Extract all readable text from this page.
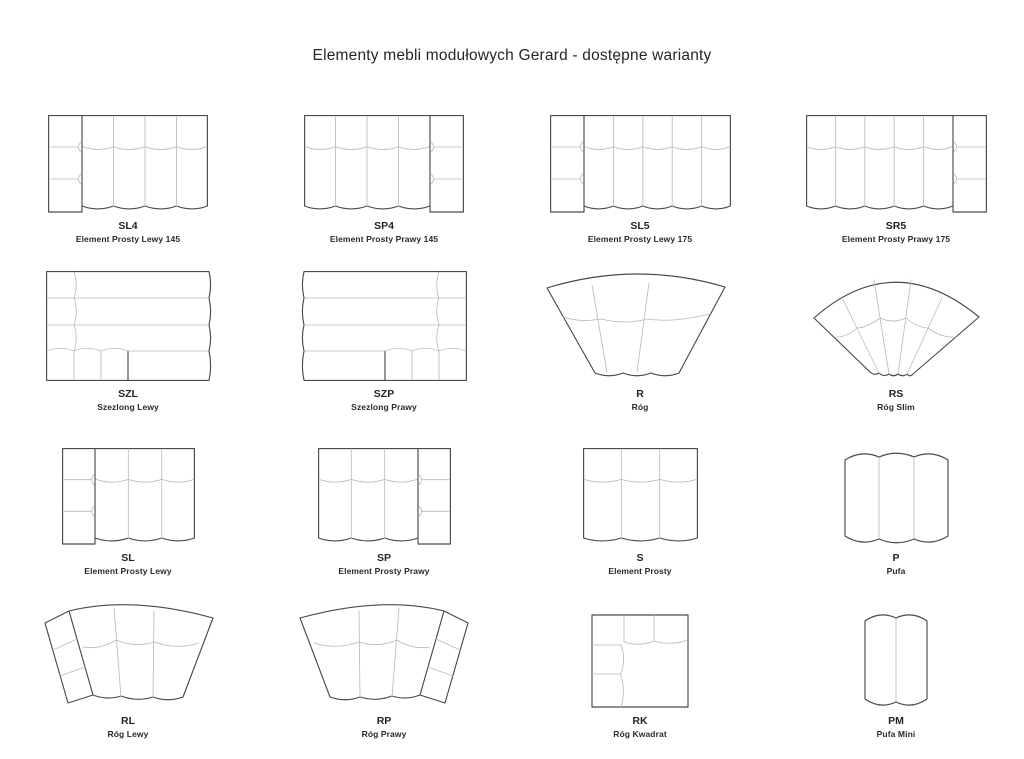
Elementy mebli modułowych Gerard - dostępne warianty
SL4
Element Prosty Lewy 145
SP4
Element Prosty Prawy 145
SL5
Element Prosty Lewy 175
SR5
Element Prosty Prawy 175
SZL
Szezlong Lewy
SZP
Szezlong Prawy
R
Róg
RS
Róg Slim
SL
Element Prosty Lewy
SP
Element Prosty Prawy
S
Element Prosty
P
Pufa
RL
Róg Lewy
RP
Róg Prawy
RK
Róg Kwadrat
PM
Pufa Mini
